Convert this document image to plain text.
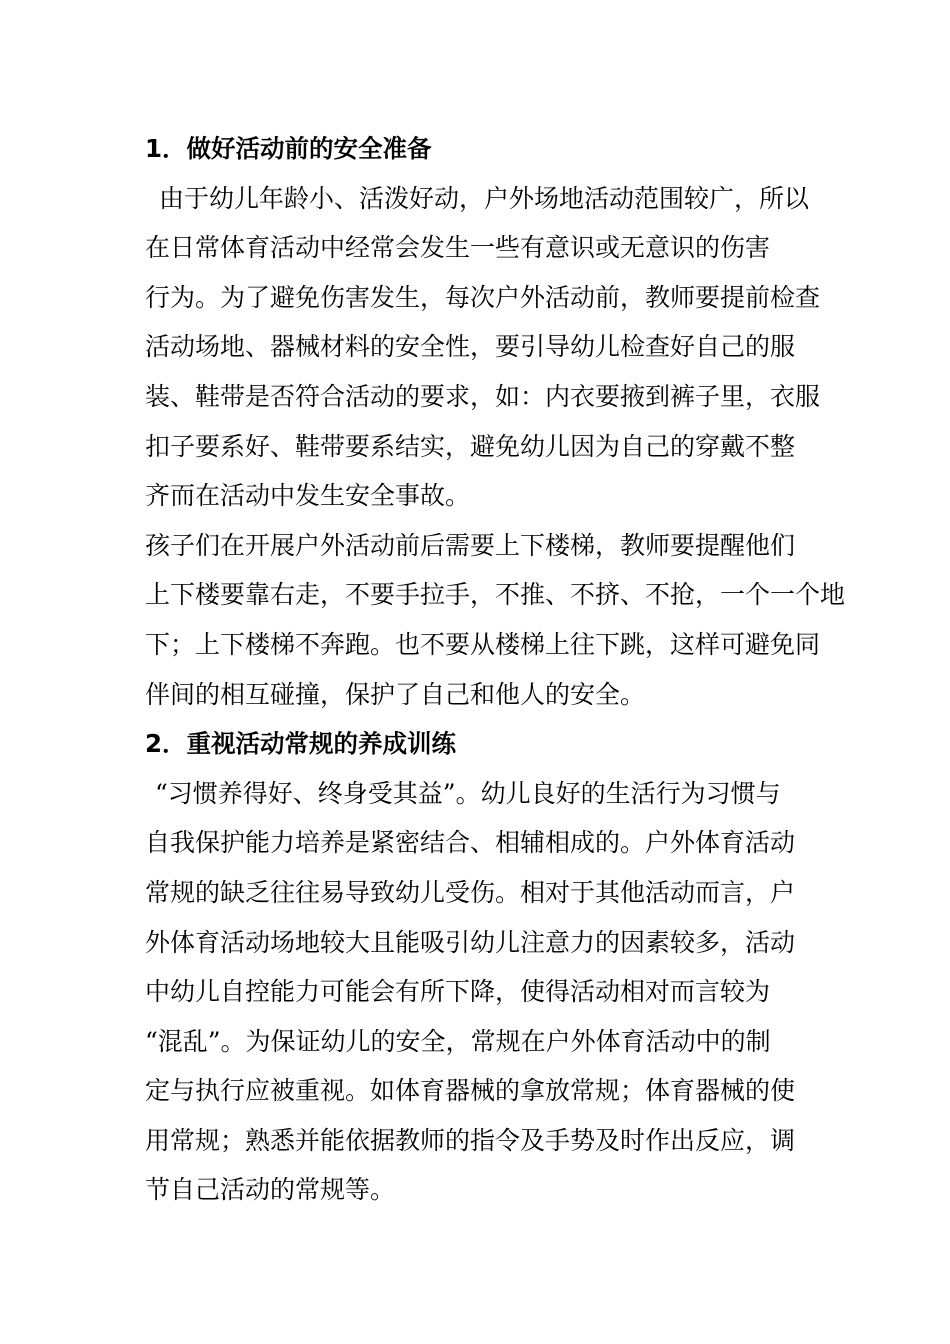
1．做好活动前的安全准备
由于幼儿年龄小、活泼好动，户外场地活动范围较广，所以
在日常体育活动中经常会发生一些有意识或无意识的伤害
行为。为了避免伤害发生，每次户外活动前，教师要提前检查
活动场地、器械材料的安全性，要引导幼儿检查好自己的服
装、鞋带是否符合活动的要求，如：内衣要掖到裤子里，衣服
扣子要系好、鞋带要系结实，避免幼儿因为自己的穿戴不整
齐而在活动中发生安全事故。
孩子们在开展户外活动前后需要上下楼梯，教师要提醒他们
上下楼要靠右走，不要手拉手，不推、不挤、不抢，一个一个地
下；上下楼梯不奔跑。也不要从楼梯上往下跳，这样可避免同
伴间的相互碰撞，保护了自己和他人的安全。
2．重视活动常规的养成训练
“习惯养得好、终身受其益”。幼儿良好的生活行为习惯与
自我保护能力培养是紧密结合、相辅相成的。户外体育活动
常规的缺乏往往易导致幼儿受伤。相对于其他活动而言，户
外体育活动场地较大且能吸引幼儿注意力的因素较多，活动
中幼儿自控能力可能会有所下降，使得活动相对而言较为
“混乱”。为保证幼儿的安全，常规在户外体育活动中的制
定与执行应被重视。如体育器械的拿放常规；体育器械的使
用常规；熟悉并能依据教师的指令及手势及时作出反应，调
节自己活动的常规等。
